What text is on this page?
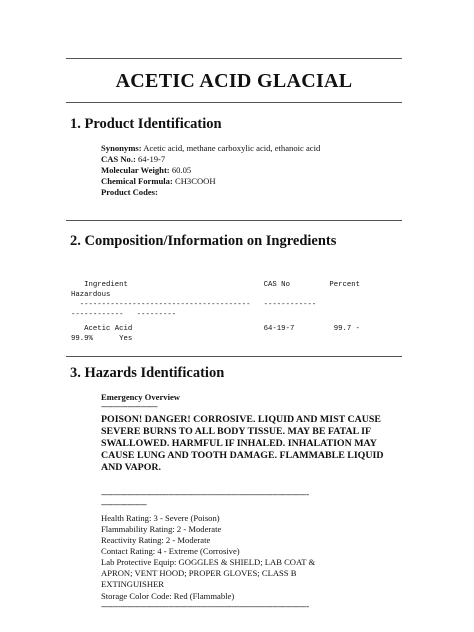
ACETIC ACID GLACIAL
1. Product Identification
Synonyms: Acetic acid, methane carboxylic acid, ethanoic acid
CAS No.: 64-19-7
Molecular Weight: 60.05
Chemical Formula: CH3COOH
Product Codes:
2. Composition/Information on Ingredients
Ingredient                               CAS No         Percent
Hazardous
---------------------------------------   ------------
------------   ---------
Acetic Acid                              64-19-7         99.7 -
99.9%      Yes
3. Hazards Identification
Emergency Overview
--------------------------
POISON! DANGER! CORROSIVE. LIQUID AND MIST CAUSE SEVERE BURNS TO ALL BODY TISSUE. MAY BE FATAL IF SWALLOWED. HARMFUL IF INHALED. INHALATION MAY CAUSE LUNG AND TOOTH DAMAGE. FLAMMABLE LIQUID AND VAPOR.
------------------------------------------------------------------------------------------------
---------------------
Health Rating: 3 - Severe (Poison)
Flammability Rating: 2 - Moderate
Reactivity Rating: 2 - Moderate
Contact Rating: 4 - Extreme (Corrosive)
Lab Protective Equip: GOGGLES & SHIELD; LAB COAT &
APRON; VENT HOOD; PROPER GLOVES; CLASS B
EXTINGUISHER
Storage Color Code: Red (Flammable)
------------------------------------------------------------------------------------------------
